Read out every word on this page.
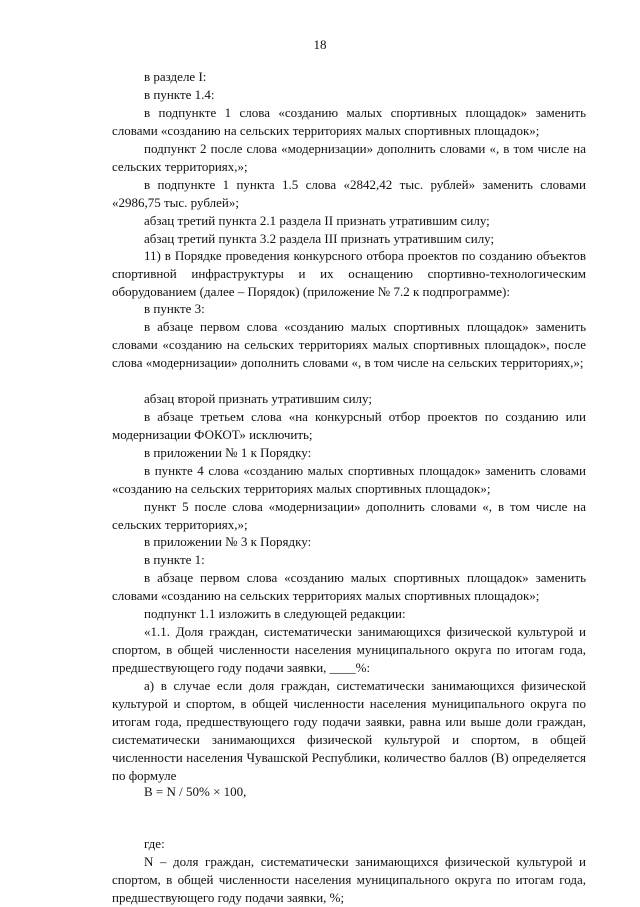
18

в разделе I:

в пункте 1.4:

в подпункте 1 слова «созданию малых спортивных площадок» заменить словами «созданию на сельских территориях малых спортивных площадок»;

подпункт 2 после слова «модернизации» дополнить словами «, в том числе на сельских территориях,»;

в подпункте 1 пункта 1.5 слова «2842,42 тыс. рублей» заменить словами «2986,75 тыс. рублей»;

абзац третий пункта 2.1 раздела II признать утратившим силу;

абзац третий пункта 3.2 раздела III признать утратившим силу;

11) в Порядке проведения конкурсного отбора проектов по созданию объектов спортивной инфраструктуры и их оснащению спортивно-технологическим оборудованием (далее – Порядок) (приложение № 7.2 к подпрограмме):

в пункте 3:

в абзаце первом слова «созданию малых спортивных площадок» заменить словами «созданию на сельских территориях малых спортивных площадок», после слова «модернизации» дополнить словами «, в том числе на сельских территориях,»;

абзац второй признать утратившим силу;

в абзаце третьем слова «на конкурсный отбор проектов по созданию или модернизации ФОКОТ» исключить;

в приложении № 1 к Порядку:

в пункте 4 слова «созданию малых спортивных площадок» заменить словами «созданию на сельских территориях малых спортивных площадок»;

пункт 5 после слова «модернизации» дополнить словами «, в том числе на сельских территориях,»;

в приложении № 3 к Порядку:

в пункте 1:

в абзаце первом слова «созданию малых спортивных площадок» заменить словами «созданию на сельских территориях малых спортивных площадок»;

подпункт 1.1 изложить в следующей редакции:

«1.1. Доля граждан, систематически занимающихся физической культурой и спортом, в общей численности населения муниципального округа по итогам года, предшествующего году подачи заявки, ____%:

а) в случае если доля граждан, систематически занимающихся физической культурой и спортом, в общей численности населения муниципального округа по итогам года, предшествующего году подачи заявки, равна или выше доли граждан, систематически занимающихся физической культурой и спортом, в общей численности населения Чувашской Республики, количество баллов (B) определяется по формуле

B = N / 50% × 100,

где:

N – доля граждан, систематически занимающихся физической культурой и спортом, в общей численности населения муниципального округа по итогам года, предшествующего году подачи заявки, %;
